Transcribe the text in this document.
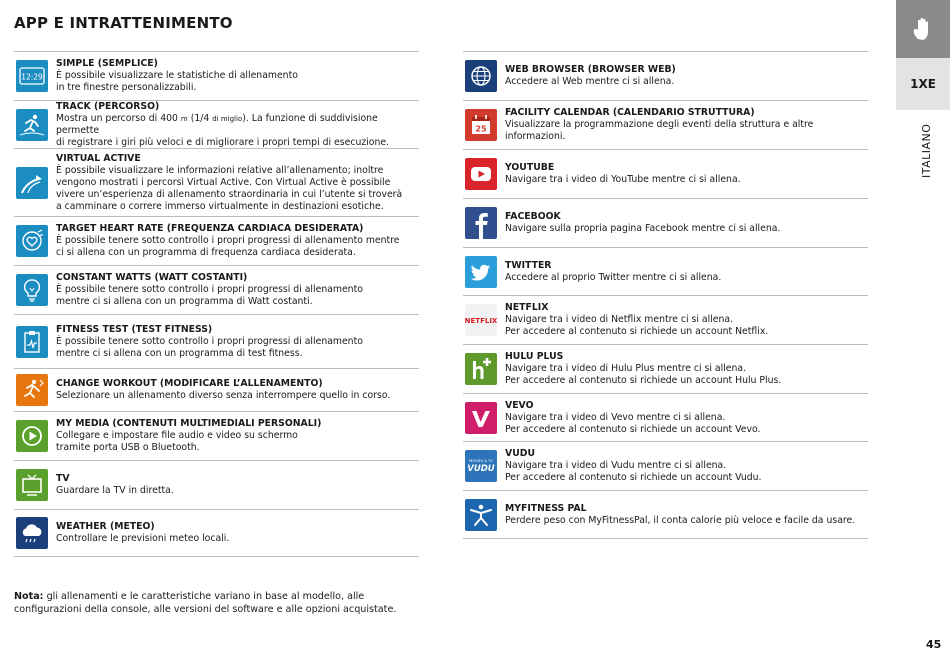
APP E INTRATTENIMENTO
12:29
SIMPLE (SEMPLICE)
È possibile visualizzare le statistiche di allenamento
in tre finestre personalizzabili.
TRACK (PERCORSO)
Mostra un percorso di 400 m (1/4 di miglio). La funzione di suddivisione permette
di registrare i giri più veloci e di migliorare i propri tempi di esecuzione.
VIRTUAL ACTIVE
È possibile visualizzare le informazioni relative all’allenamento; inoltre
vengono mostrati i percorsi Virtual Active. Con Virtual Active è possibile
vivere un’esperienza di allenamento straordinaria in cui l’utente si troverà
a camminare o correre immerso virtualmente in destinazioni esotiche.
TARGET HEART RATE (FREQUENZA CARDIACA DESIDERATA)
È possibile tenere sotto controllo i propri progressi di allenamento mentre
ci si allena con un programma di frequenza cardiaca desiderata.
CONSTANT WATTS (WATT COSTANTI)
È possibile tenere sotto controllo i propri progressi di allenamento
mentre ci si allena con un programma di Watt costanti.
FITNESS TEST (TEST FITNESS)
È possibile tenere sotto controllo i propri progressi di allenamento
mentre ci si allena con un programma di test fitness.
CHANGE WORKOUT (MODIFICARE L’ALLENAMENTO)
Selezionare un allenamento diverso senza interrompere quello in corso.
MY MEDIA (CONTENUTI MULTIMEDIALI PERSONALI)
Collegare e impostare file audio e video su schermo
tramite porta USB o Bluetooth.
TV
Guardare la TV in diretta.
WEATHER (METEO)
Controllare le previsioni meteo locali.
WEB BROWSER (BROWSER WEB)
Accedere al Web mentre ci si allena.
25
FACILITY CALENDAR (CALENDARIO STRUTTURA)
Visualizzare la programmazione degli eventi della struttura e altre informazioni.
YOUTUBE
Navigare tra i video di YouTube mentre ci si allena.
FACEBOOK
Navigare sulla propria pagina Facebook mentre ci si allena.
TWITTER
Accedere al proprio Twitter mentre ci si allena.
NETFLIX
NETFLIX
Navigare tra i video di Netflix mentre ci si allena.
Per accedere al contenuto si richiede un account Netflix.
HULU PLUS
Navigare tra i video di Hulu Plus mentre ci si allena.
Per accedere al contenuto si richiede un account Hulu Plus.
VEVO
Navigare tra i video di Vevo mentre ci si allena.
Per accedere al contenuto si richiede un account Vevo.
MOVIES & TV
VUDU
VUDU
Navigare tra i video di Vudu mentre ci si allena.
Per accedere al contenuto si richiede un account Vudu.
MYFITNESS PAL
Perdere peso con MyFitnessPal, il conta calorie più veloce e facile da usare.
Nota: gli allenamenti e le caratteristiche variano in base al modello, alle
configurazioni della console, alle versioni del software e alle opzioni acquistate.
1XE
ITALIANO
45
